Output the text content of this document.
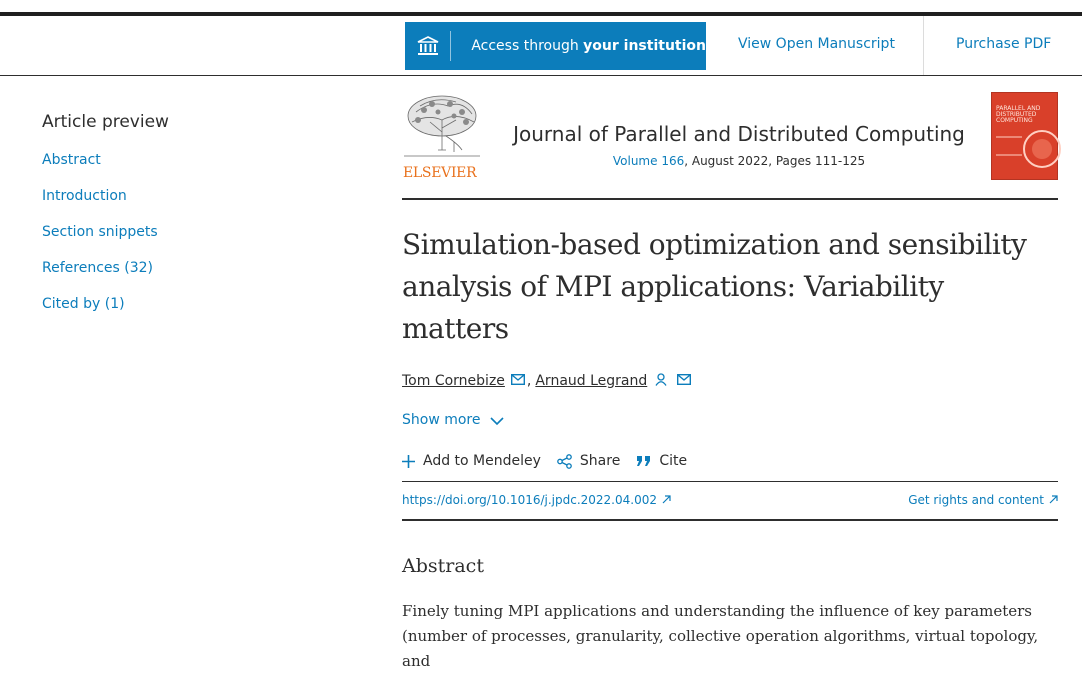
Access through your institution View Open Manuscript	Purchase PDF
Article preview
Abstract
Introduction
Section snippets
References (32)
Cited by (1)
ELSEVIER
Journal of Parallel and Distributed Computing
Volume 166, August 2022, Pages 111-125
PARALLEL AND DISTRIBUTED COMPUTING
Simulation-based optimization and sensibility analysis of MPI applications: Variability matters
Tom Cornebize , Arnaud Legrand
Show more
Add to Mendeley	Share	Cite
https://doi.org/10.1016/j.jpdc.2022.04.002	Get rights and content
Abstract

Finely tuning MPI applications and understanding the influence of key parameters (number of processes, granularity, collective operation algorithms, virtual topology, and
